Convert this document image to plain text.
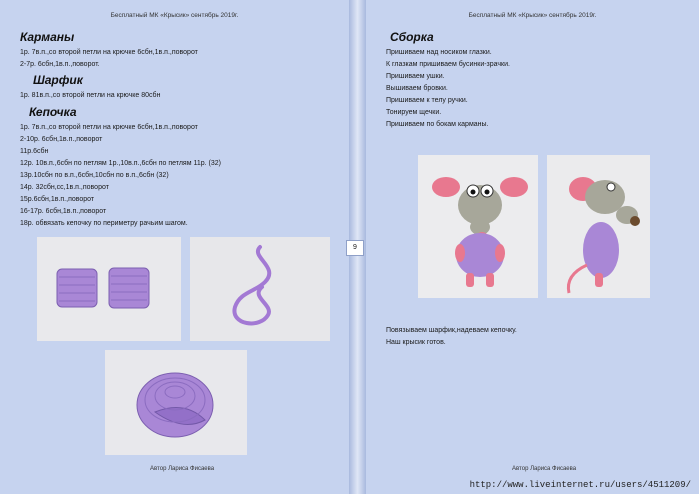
Бесплатный МК «Крысик» сентябрь 2019г.
Карманы
1р. 7в.п.,со второй петли на крючке 6сбн,1в.п.,поворот
2-7р. 6сбн,1в.п.,поворот.
Шарфик
1р. 81в.п.,со второй петли на крючке 80сбн
Кепочка
1р. 7в.п.,со второй петли на крючке 6сбн,1в.п.,поворот
2-10р. 6сбн,1в.п.,поворот
11р.6сбн
12р. 10в.п.,6сбн по петлям 1р.,10в.п.,6сбн по петлям 11р. (32)
13р.10сбн по в.п.,6сбн,10сбн по в.п.,6сбн (32)
14р. 32сбн,сс,1в.п.,поворот
15р.6сбн,1в.п.,поворот
16-17р. 6сбн,1в.п.,поворот
18р. обвязать кепочку по периметру рачьим шагом.
Автор Лариса Фисаева
9
Бесплатный МК «Крысик» сентябрь 2019г.
Сборка
Пришиваем над носиком глазки.
К глазкам пришиваем бусинки-зрачки.
Пришиваем ушки.
Вышиваем бровки.
Пришиваем к телу ручки.
Тонируем щечки.
Пришиваем по бокам карманы.
Повязываем шарфик,надеваем кепочку.
Наш крысик готов.
Автор Лариса Фисаева
http://www.liveinternet.ru/users/4511209/
